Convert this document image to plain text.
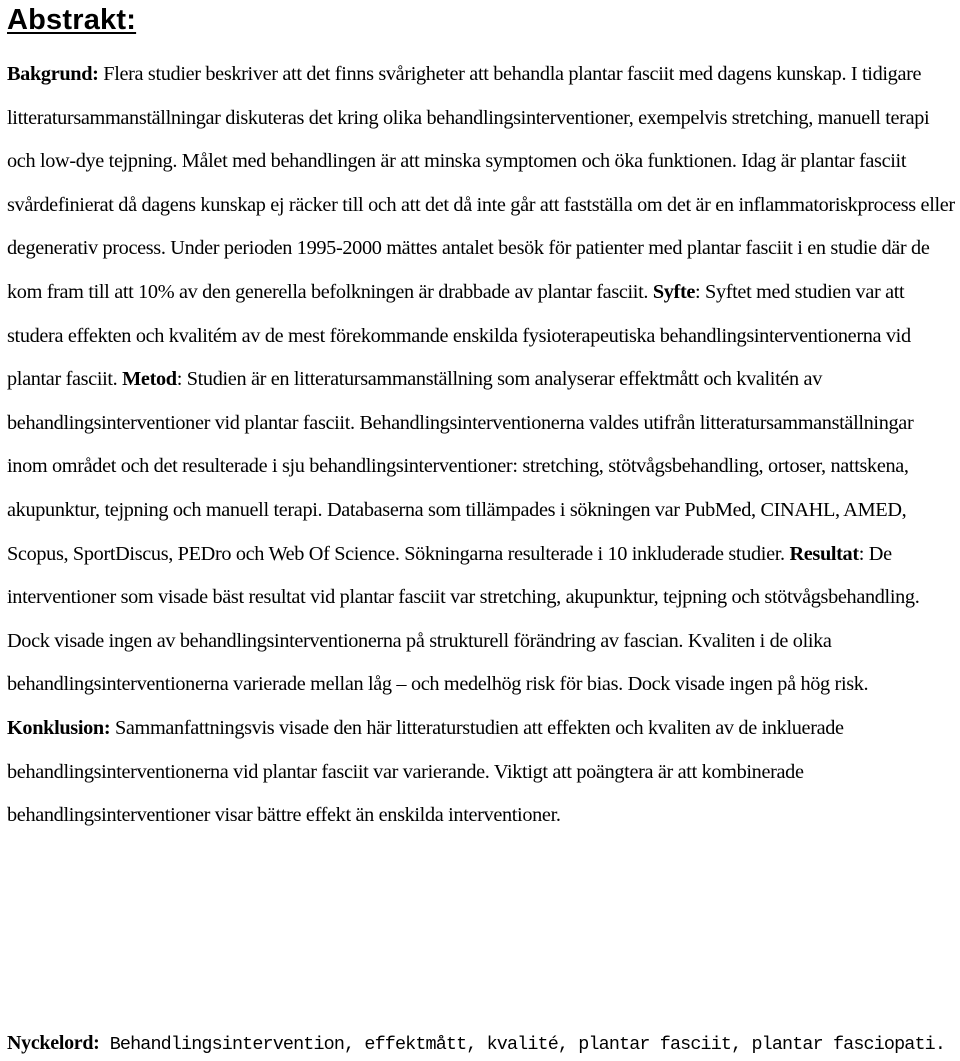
Abstrakt:

Bakgrund: Flera studier beskriver att det finns svårigheter att behandla plantar fasciit med dagens kunskap. I tidigare litteratursammanställningar diskuteras det kring olika behandlingsinterventioner, exempelvis stretching, manuell terapi och low-dye tejpning. Målet med behandlingen är att minska symptomen och öka funktionen. Idag är plantar fasciit svårdefinierat då dagens kunskap ej räcker till och att det då inte går att fastställa om det är en inflammatoriskprocess eller degenerativ process. Under perioden 1995-2000 mättes antalet besök för patienter med plantar fasciit i en studie där de kom fram till att 10% av den generella befolkningen är drabbade av plantar fasciit. Syfte: Syftet med studien var att studera effekten och kvalitém av de mest förekommande enskilda fysioterapeutiska behandlingsinterventionerna vid plantar fasciit. Metod: Studien är en litteratursammanställning som analyserar effektmått och kvalitén av behandlingsinterventioner vid plantar fasciit. Behandlingsinterventionerna valdes utifrån litteratursammanställningar inom området och det resulterade i sju behandlingsinterventioner: stretching, stötvågsbehandling, ortoser, nattskena, akupunktur, tejpning och manuell terapi. Databaserna som tillämpades i sökningen var PubMed, CINAHL, AMED, Scopus, SportDiscus, PEDro och Web Of Science. Sökningarna resulterade i 10 inkluderade studier. Resultat: De interventioner som visade bäst resultat vid plantar fasciit var stretching, akupunktur, tejpning och stötvågsbehandling. Dock visade ingen av behandlingsinterventionerna på strukturell förändring av fascian. Kvaliten i de olika behandlingsinterventionerna varierade mellan låg – och medelhög risk för bias. Dock visade ingen på hög risk. Konklusion: Sammanfattningsvis visade den här litteraturstudien att effekten och kvaliten av de inkluerade behandlingsinterventionerna vid plantar fasciit var varierande. Viktigt att poängtera är att kombinerade behandlingsinterventioner visar bättre effekt än enskilda interventioner.

Nyckelord: Behandlingsintervention, effektmått, kvalité, plantar fasciit, plantar fasciopati.
